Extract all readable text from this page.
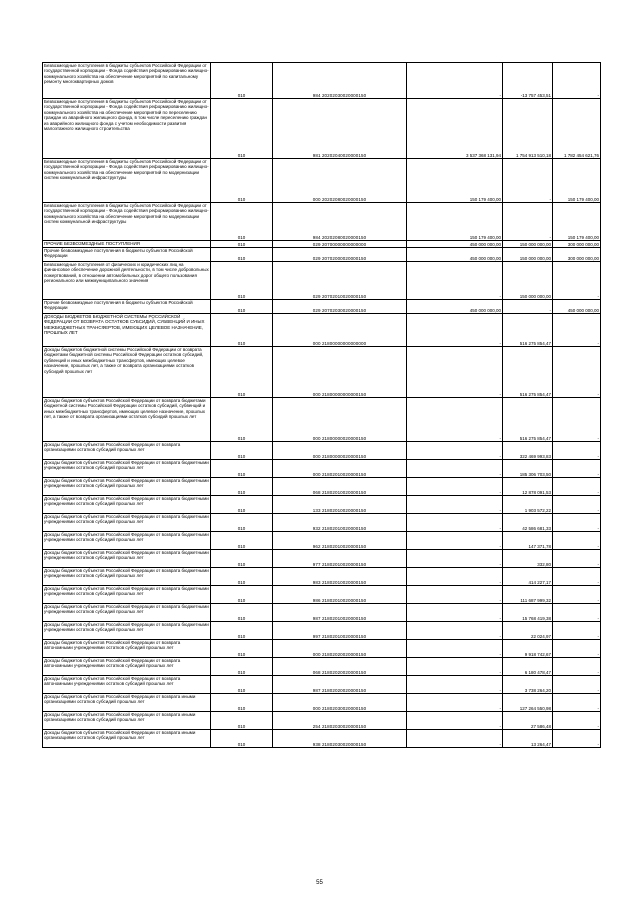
Безвозмездные поступления в бюджеты субъектов Российской Федерации от государственной корпорации - Фонда содействия реформированию жилищно-коммунального хозяйства на обеспечение мероприятий по капитальному ремонту многоквартирных домов	010	984 20202030020000150	-	-13 757 453,51	-
Безвозмездные поступления в бюджеты субъектов Российской Федерации от государственной корпорации - Фонда содействия реформированию жилищно-коммунального хозяйства на обеспечение мероприятий по переселению граждан из аварийного жилищного фонда, в том числе переселению граждан из аварийного жилищного фонда с учетом необходимости развития малоэтажного жилищного строительства	010	981 20202040020000150	3 537 368 131,94	1 754 913 510,18	1 782 454 621,76
Безвозмездные поступления в бюджеты субъектов Российской Федерации от государственной корпорации - Фонда содействия реформированию жилищно-коммунального хозяйства на обеспечение мероприятий по модернизации систем коммунальной инфраструктуры	010	000 20202080020000150	150 179 400,00	-	150 179 400,00
Безвозмездные поступления в бюджеты субъектов Российской Федерации от государственной корпорации - Фонда содействия реформированию жилищно-коммунального хозяйства на обеспечение мероприятий по модернизации систем коммунальной инфраструктуры	010	984 20202080020000150	150 179 400,00	-	150 179 400,00
ПРОЧИЕ БЕЗВОЗМЕЗДНЫЕ ПОСТУПЛЕНИЯ	010	029 20700000000000000	450 000 000,00	150 000 000,00	300 000 000,00
Прочие безвозмездные поступления в бюджеты субъектов Российской Федерации	010	029 20702000020000150	450 000 000,00	150 000 000,00	300 000 000,00
Безвозмездные поступления от физических и юридических лиц на финансовое обеспечение дорожной деятельности, в том числе добровольных пожертвований, в отношении автомобильных дорог общего пользования регионального или межмуниципального значения	010	029 20702010020000150	-	150 000 000,00	-
Прочие безвозмездные поступления в бюджеты субъектов Российской Федерации	010	029 20702030020000150	450 000 000,00	-	450 000 000,00
ДОХОДЫ БЮДЖЕТОВ БЮДЖЕТНОЙ СИСТЕМЫ РОССИЙСКОЙ ФЕДЕРАЦИИ ОТ ВОЗВРАТА ОСТАТКОВ СУБСИДИЙ, СУБВЕНЦИЙ И ИНЫХ МЕЖБЮДЖЕТНЫХ ТРАНСФЕРТОВ, ИМЕЮЩИХ ЦЕЛЕВОЕ НАЗНАЧЕНИЕ, ПРОШЛЫХ ЛЕТ	010	000 21800000000000000	-	516 275 854,47	-
Доходы бюджетов бюджетной системы Российской Федерации от возврата бюджетами бюджетной системы Российской Федерации остатков субсидий, субвенций и иных межбюджетных трансфертов, имеющих целевое назначение, прошлых лет, а также от возврата организациями остатков субсидий прошлых лет	010	000 21800000000000150	-	516 275 854,47	-
Доходы бюджетов субъектов Российской Федерации от возврата бюджетами бюджетной системы Российской Федерации остатков субсидий, субвенций и иных межбюджетных трансфертов, имеющих целевое назначение, прошлых лет, а также от возврата организациями остатков субсидий прошлых лет	010	000 21800000020000150	-	516 275 854,47	-
Доходы бюджетов субъектов Российской Федерации от возврата организациями остатков субсидий прошлых лет	010	000 21800000020000150	-	322 469 993,83	-
Доходы бюджетов субъектов Российской Федерации от возврата бюджетными учреждениями остатков субсидий прошлых лет	010	000 21802010020000150	-	185 306 703,50	-
Доходы бюджетов субъектов Российской Федерации от возврата бюджетными учреждениями остатков субсидий прошлых лет	010	068 21802010020000150	-	12 878 091,53	-
Доходы бюджетов субъектов Российской Федерации от возврата бюджетными учреждениями остатков субсидий прошлых лет	010	133 21802010020000150	-	1 903 572,22	-
Доходы бюджетов субъектов Российской Федерации от возврата бюджетными учреждениями остатков субсидий прошлых лет	010	932 21802010020000150	-	42 586 681,33	-
Доходы бюджетов субъектов Российской Федерации от возврата бюджетными учреждениями остатков субсидий прошлых лет	010	962 21802010020000150	-	147 371,78	-
Доходы бюджетов субъектов Российской Федерации от возврата бюджетными учреждениями остатков субсидий прошлых лет	010	977 21802010020000150	-	332,80	-
Доходы бюджетов субъектов Российской Федерации от возврата бюджетными учреждениями остатков субсидий прошлых лет	010	983 21802010020000150	-	414 227,17	-
Доходы бюджетов субъектов Российской Федерации от возврата бюджетными учреждениями остатков субсидий прошлых лет	010	986 21802010020000150	-	111 687 999,32	-
Доходы бюджетов субъектов Российской Федерации от возврата бюджетными учреждениями остатков субсидий прошлых лет	010	987 21802010020000150	-	15 768 419,38	-
Доходы бюджетов субъектов Российской Федерации от возврата бюджетными учреждениями остатков субсидий прошлых лет	010	997 21802010020000150	-	22 024,97	-
Доходы бюджетов субъектов Российской Федерации от возврата автономными учреждениями остатков субсидий прошлых лет	010	000 21802020020000150	-	9 918 742,67	-
Доходы бюджетов субъектов Российской Федерации от возврата автономными учреждениями остатков субсидий прошлых лет	010	068 21802020020000150	-	6 180 478,47	-
Доходы бюджетов субъектов Российской Федерации от возврата автономными учреждениями остатков субсидий прошлых лет	010	987 21802020020000150	-	3 738 264,20	-
Доходы бюджетов субъектов Российской Федерации от возврата иными организациями остатков субсидий прошлых лет	010	000 21802030020000150	-	127 264 550,98	-
Доходы бюджетов субъектов Российской Федерации от возврата иными организациями остатков субсидий прошлых лет	010	254 21802030020000150	-	27 586,48	-
Доходы бюджетов субъектов Российской Федерации от возврата иными организациями остатков субсидий прошлых лет	010	938 21802030020000150	-	13 264,47	-
55
